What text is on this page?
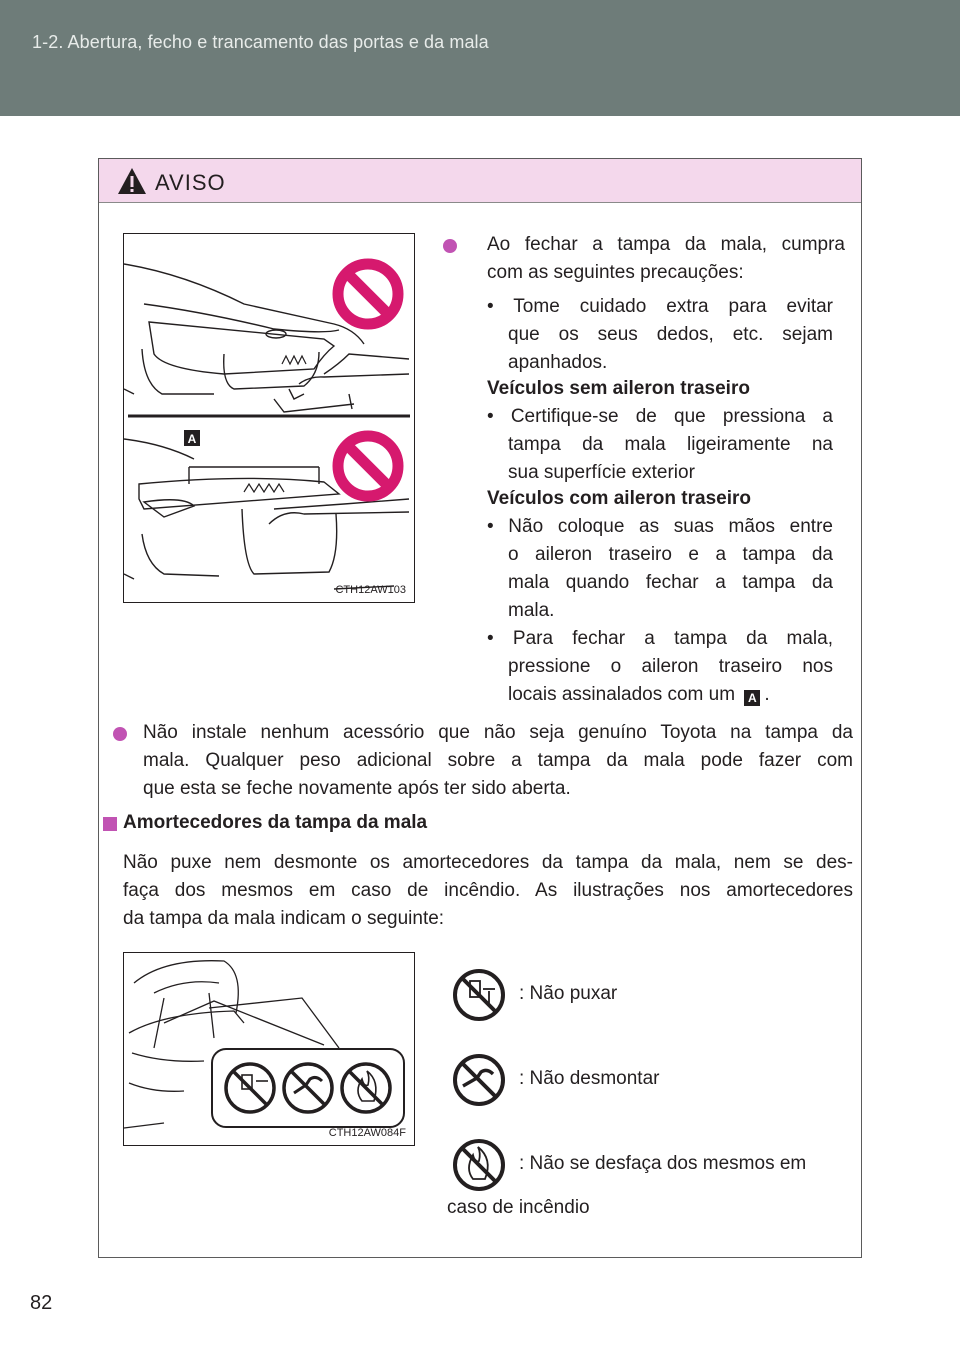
1-2. Abertura, fecho e trancamento das portas e da mala
AVISO
A
CTH12AW103
Ao fechar a tampa da mala, cumpra
com as seguintes precauções:
• Tome cuidado extra para evitar
que os seus dedos, etc. sejam
apanhados.
Veículos sem aileron traseiro
• Certifique-se de que pressiona a
tampa da mala ligeiramente na
sua superfície exterior
Veículos com aileron traseiro
• Não coloque as suas mãos entre
o aileron traseiro e a tampa da
mala quando fechar a tampa da
mala.
• Para fechar a tampa da mala,
pressione o aileron traseiro nos
locais assinalados com um A .
Não instale nenhum acessório que não seja genuíno Toyota na tampa da
mala. Qualquer peso adicional sobre a tampa da mala pode fazer com
que esta se feche novamente após ter sido aberta.
Amortecedores da tampa da mala
Não puxe nem desmonte os amortecedores da tampa da mala, nem se des-
faça dos mesmos em caso de incêndio. As ilustrações nos amortecedores
da tampa da mala indicam o seguinte:
CTH12AW084F
: Não puxar
: Não desmontar
: Não se desfaça dos mesmos em
caso de incêndio
82
